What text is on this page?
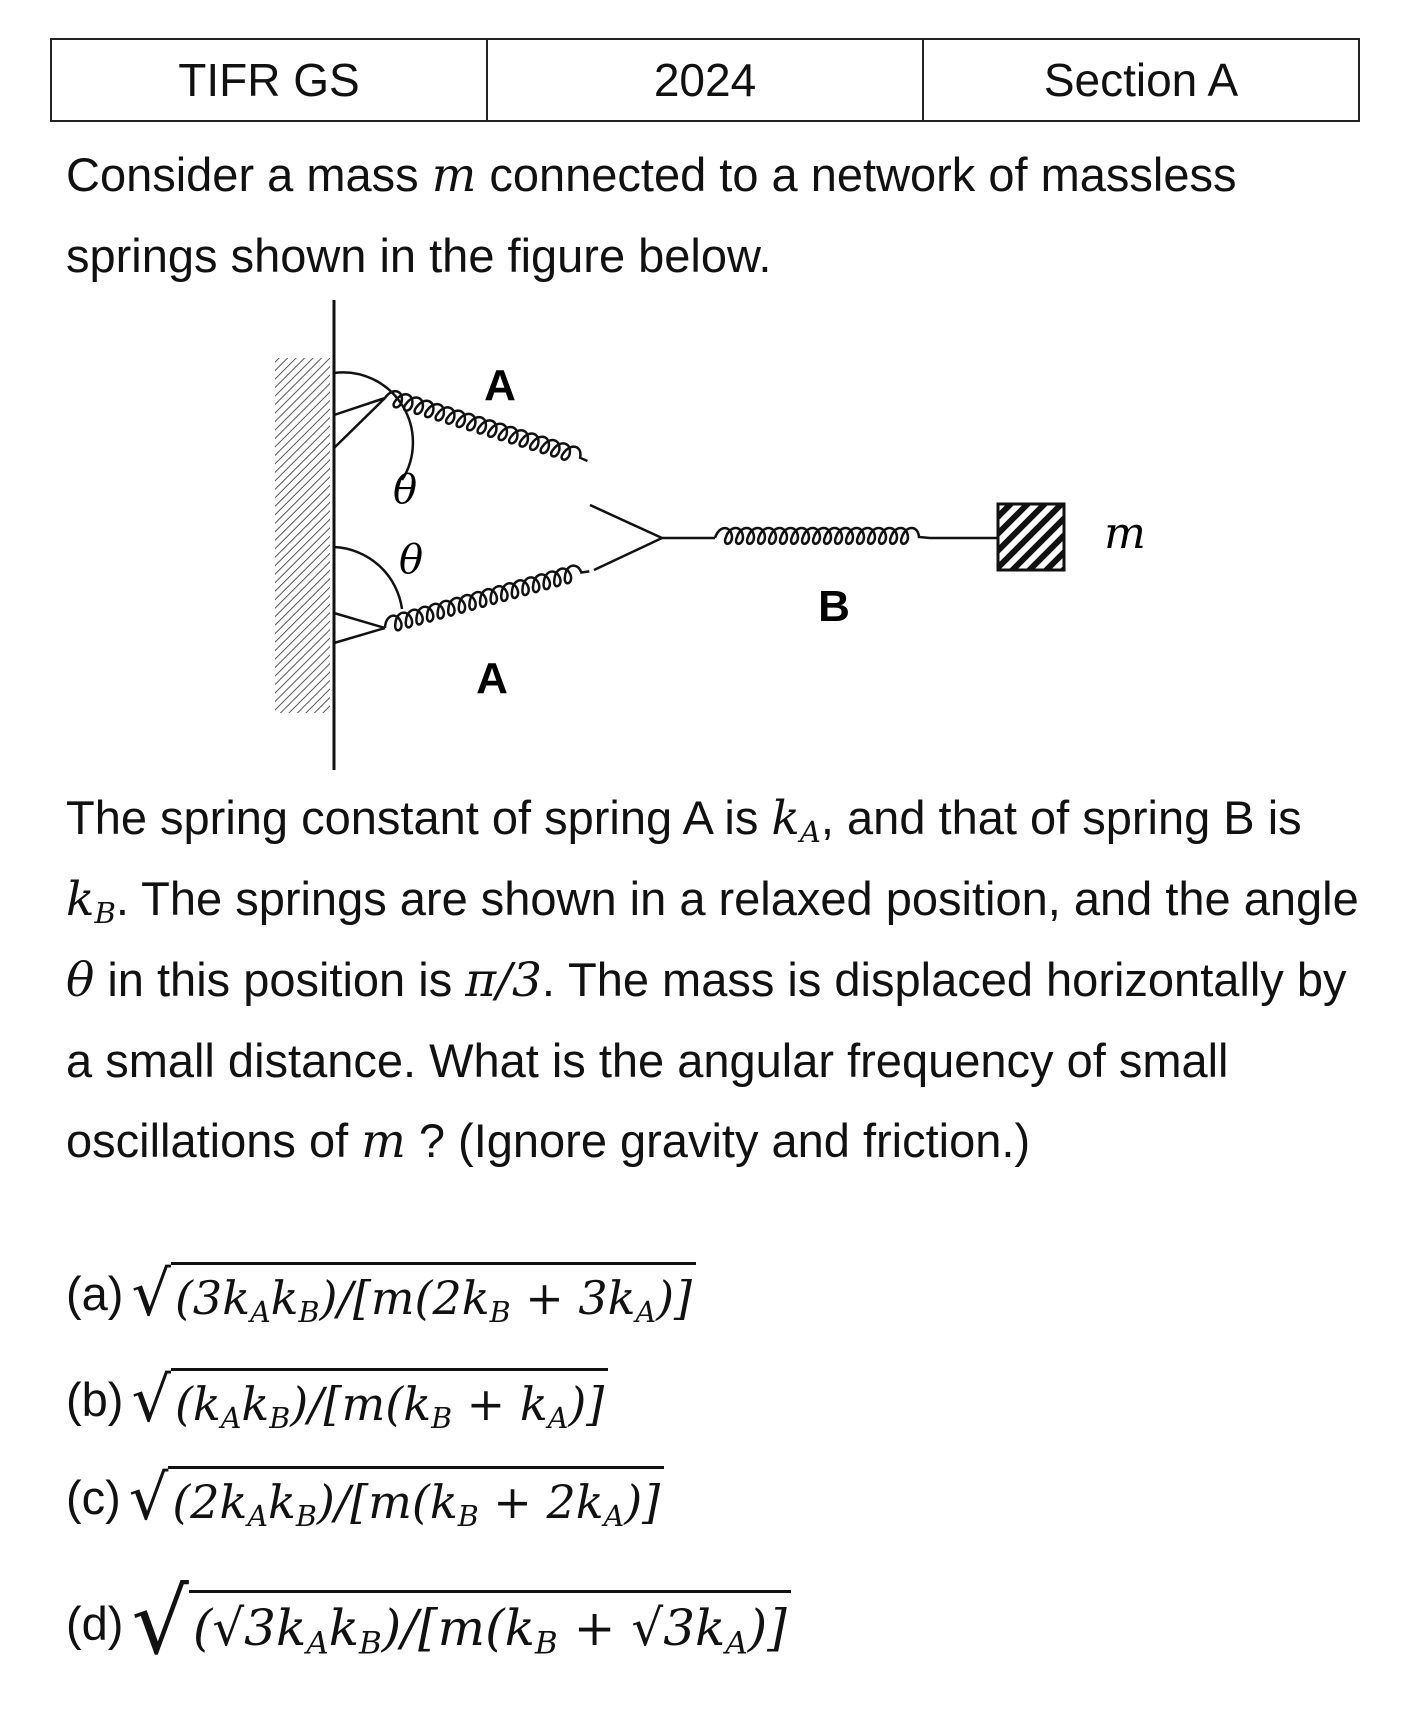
TIFR GS	2024	Section A

Consider a mass m connected to a network of massless springs shown in the figure below.

A
A
B
θ
θ
m

The spring constant of spring A is $k_A$, and that of spring B is $k_B$. The springs are shown in a relaxed position, and the angle θ in this position is π/3. The mass is displaced horizontally by a small distance. What is the angular frequency of small oscillations of m ? (Ignore gravity and friction.)

(a) √ $(3k_Ak_B)/[m(2k_B + 3k_A)]$
(b) √ $(k_Ak_B)/[m(k_B + k_A)]$
(c) √ $(2k_Ak_B)/[m(k_B + 2k_A)]$
(d) √ $(√3k_Ak_B)/[m(k_B + √3k_A)]$
